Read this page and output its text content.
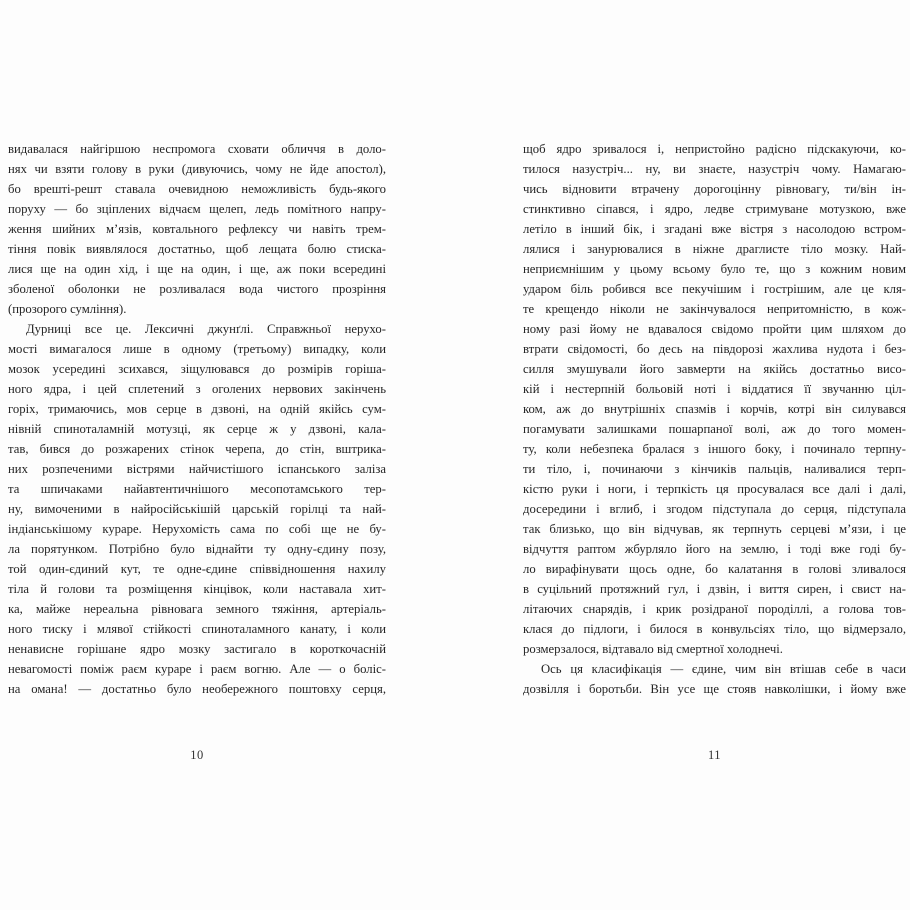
видавалася найгіршою неспромога сховати обличчя в доло-
нях чи взяти голову в руки (дивуючись, чому не йде апостол),
бо врешті-решт ставала очевидною неможливість будь-якого
поруху — бо зціплених відчаєм щелеп, ледь помітного напру-
ження шийних м’язів, ковтального рефлексу чи навіть трем-
тіння повік виявлялося достатньо, щоб лещата болю стиска-
лися ще на один хід, і ще на один, і ще, аж поки всередині
зболеної оболонки не розливалася вода чистого прозріння
(прозорого сумління).
Дурниці все це. Лексичні джунґлі. Справжньої нерухо-
мості вимагалося лише в одному (третьому) випадку, коли
мозок усередині зсихався, зіщулювався до розмірів горіша-
ного ядра, і цей сплетений з оголених нервових закінчень
горіх, тримаючись, мов серце в дзвоні, на одній якійсь сум-
нівній спиноталамній мотузці, як серце ж у дзвоні, кала-
тав, бився до розжарених стінок черепа, до стін, вштрика-
них розпеченими вістрями найчистішого іспанського заліза
та шпичаками найавтентичнішого месопотамського тер-
ну, вимоченими в найросійськішій царській горілці та най-
індіанськішому кураре. Нерухомість сама по собі ще не бу-
ла порятунком. Потрібно було віднайти ту одну-єдину позу,
той один-єдиний кут, те одне-єдине співвідношення нахилу
тіла й голови та розміщення кінцівок, коли наставала хит-
ка, майже нереальна рівновага земного тяжіння, артеріаль-
ного тиску і млявої стійкості спиноталамного канату, і коли
ненависне горішане ядро мозку застигало в короткочасній
невагомості поміж раєм кураре і раєм вогню. Але — о боліс-
на омана! — достатньо було необережного поштовху серця,
10
щоб ядро зривалося і, непристойно радісно підскакуючи, ко-
тилося назустріч... ну, ви знаєте, назустріч чому. Намагаю-
чись відновити втрачену дорогоцінну рівновагу, ти/він ін-
стинктивно сіпався, і ядро, ледве стримуване мотузкою, вже
летіло в інший бік, і згадані вже вістря з насолодою встром-
лялися і занурювалися в ніжне драглисте тіло мозку. Най-
неприємнішим у цьому всьому було те, що з кожним новим
ударом біль робився все пекучішим і гострішим, але це кля-
те крещендо ніколи не закінчувалося непритомністю, в кож-
ному разі йому не вдавалося свідомо пройти цим шляхом до
втрати свідомості, бо десь на півдорозі жахлива нудота і без-
силля змушували його завмерти на якійсь достатньо висо-
кій і нестерпній больовій ноті і віддатися її звучанню ціл-
ком, аж до внутрішніх спазмів і корчів, котрі він силувався
погамувати залишками пошарпаної волі, аж до того момен-
ту, коли небезпека бралася з іншого боку, і починало терпну-
ти тіло, і, починаючи з кінчиків пальців, наливалися терп-
кістю руки і ноги, і терпкість ця просувалася все далі і далі,
досередини і вглиб, і згодом підступала до серця, підступала
так близько, що він відчував, як терпнуть серцеві м’язи, і це
відчуття раптом жбурляло його на землю, і тоді вже годі бу-
ло вирафінувати щось одне, бо калатання в голові зливалося
в суцільний протяжний гул, і дзвін, і виття сирен, і свист на-
літаючих снарядів, і крик розідраної породіллі, а голова тов-
клася до підлоги, і билося в конвульсіях тіло, що відмерзало,
розмерзалося, відтавало від смертної холоднечі.
Ось ця класифікація — єдине, чим він втішав себе в часи
дозвілля і боротьби. Він усе ще стояв навколішки, і йому вже
11
